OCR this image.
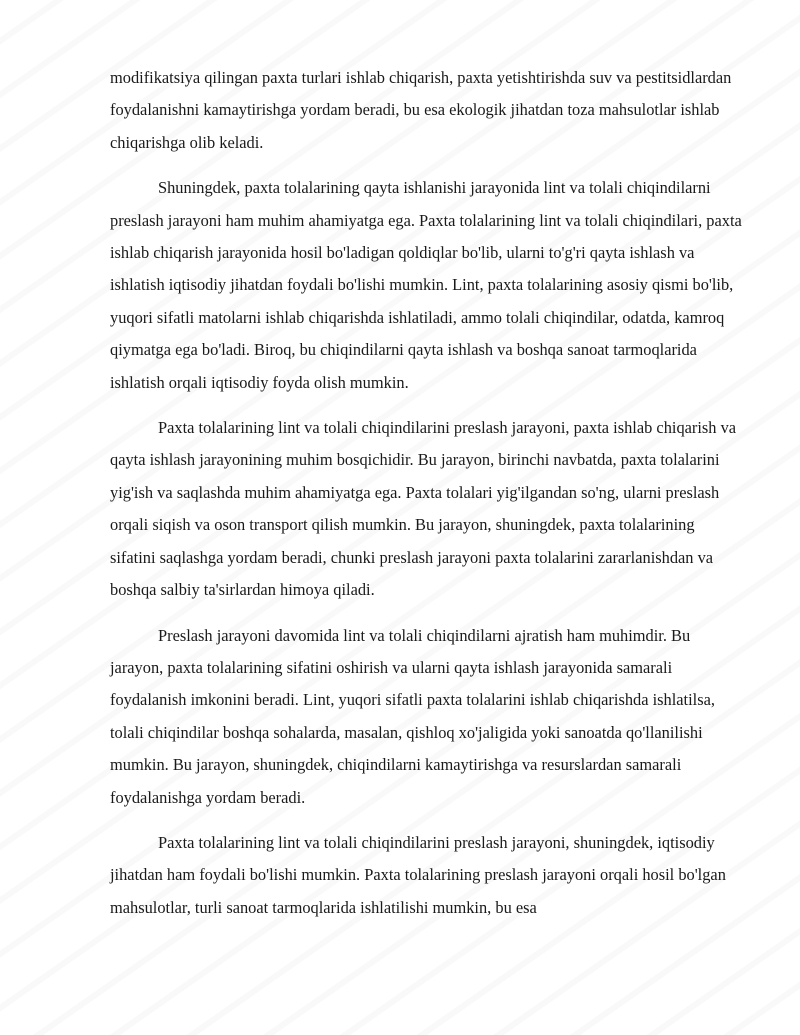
modifikatsiya qilingan paxta turlari ishlab chiqarish, paxta yetishtirishda suv va pestitsidlardan foydalanishni kamaytirishga yordam beradi, bu esa ekologik jihatdan toza mahsulotlar ishlab chiqarishga olib keladi.

Shuningdek, paxta tolalarining qayta ishlanishi jarayonida lint va tolali chiqindilarni preslash jarayoni ham muhim ahamiyatga ega. Paxta tolalarining lint va tolali chiqindilari, paxta ishlab chiqarish jarayonida hosil bo'ladigan qoldiqlar bo'lib, ularni to'g'ri qayta ishlash va ishlatish iqtisodiy jihatdan foydali bo'lishi mumkin. Lint, paxta tolalarining asosiy qismi bo'lib, yuqori sifatli matolarni ishlab chiqarishda ishlatiladi, ammo tolali chiqindilar, odatda, kamroq qiymatga ega bo'ladi. Biroq, bu chiqindilarni qayta ishlash va boshqa sanoat tarmoqlarida ishlatish orqali iqtisodiy foyda olish mumkin.

Paxta tolalarining lint va tolali chiqindilarini preslash jarayoni, paxta ishlab chiqarish va qayta ishlash jarayonining muhim bosqichidir. Bu jarayon, birinchi navbatda, paxta tolalarini yig'ish va saqlashda muhim ahamiyatga ega. Paxta tolalari yig'ilgandan so'ng, ularni preslash orqali siqish va oson transport qilish mumkin. Bu jarayon, shuningdek, paxta tolalarining sifatini saqlashga yordam beradi, chunki preslash jarayoni paxta tolalarini zararlanishdan va boshqa salbiy ta'sirlardan himoya qiladi.

Preslash jarayoni davomida lint va tolali chiqindilarni ajratish ham muhimdir. Bu jarayon, paxta tolalarining sifatini oshirish va ularni qayta ishlash jarayonida samarali foydalanish imkonini beradi. Lint, yuqori sifatli paxta tolalarini ishlab chiqarishda ishlatilsa, tolali chiqindilar boshqa sohalarda, masalan, qishloq xo'jaligida yoki sanoatda qo'llanilishi mumkin. Bu jarayon, shuningdek, chiqindilarni kamaytirishga va resurslardan samarali foydalanishga yordam beradi.

Paxta tolalarining lint va tolali chiqindilarini preslash jarayoni, shuningdek, iqtisodiy jihatdan ham foydali bo'lishi mumkin. Paxta tolalarining preslash jarayoni orqali hosil bo'lgan mahsulotlar, turli sanoat tarmoqlarida ishlatilishi mumkin, bu esa
